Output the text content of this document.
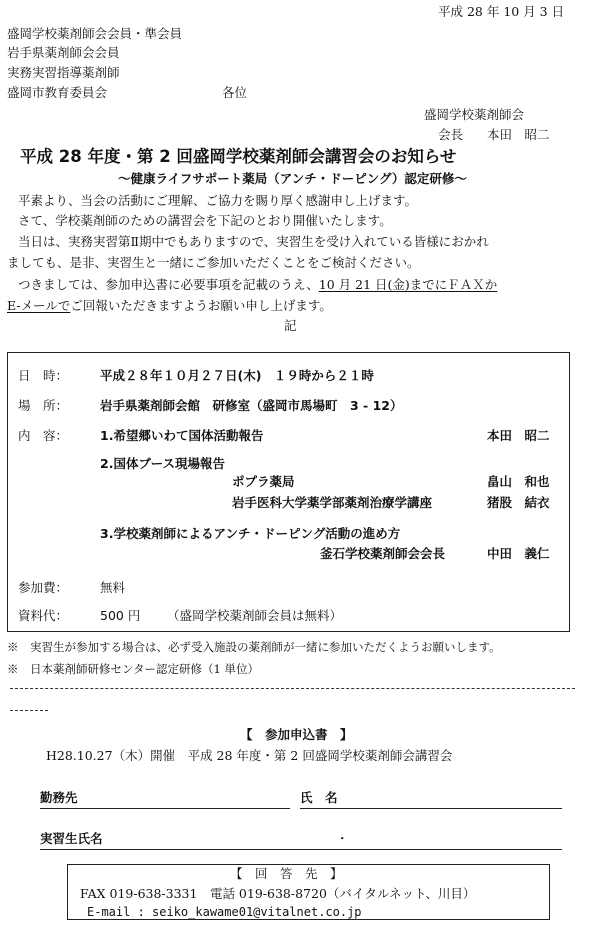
平成 28 年 10 月 3 日
盛岡学校薬剤師会会員・準会員
岩手県薬剤師会会員
実務実習指導薬剤師
盛岡市教育委員会	各位
盛岡学校薬剤師会
会長 本田　昭二
平成 28 年度・第 2 回盛岡学校薬剤師会講習会のお知らせ
～健康ライフサポート薬局（アンチ・ドーピング）認定研修～
平素より、当会の活動にご理解、ご協力を賜り厚く感謝申し上げます。
さて、学校薬剤師のための講習会を下記のとおり開催いたします。
当日は、実務実習第Ⅱ期中でもありますので、実習生を受け入れている皆様におかれ
ましても、是非、実習生と一緒にご参加いただくことをご検討ください。
つきましては、参加申込書に必要事項を記載のうえ、10 月 21 日(金)までにＦＡＸか
E-メールでご回報いただきますようお願い申し上げます。
記
日　時：	平成２８年１０月２７日(木)　１９時から２１時
場　所：	岩手県薬剤師会館　研修室（盛岡市馬場町　3 - 12）
内　容：	1.希望郷いわて国体活動報告	本田　昭二
2.国体ブース現場報告
ポプラ薬局	畠山　和也
岩手医科大学薬学部薬剤治療学講座	猪股　結衣
3.学校薬剤師によるアンチ・ドーピング活動の進め方
釜石学校薬剤師会会長	中田　義仁
参加費：	無料
資料代：	500 円 （盛岡学校薬剤師会員は無料）
※　実習生が参加する場合は、必ず受入施設の薬剤師が一緒に参加いただくようお願いします。
※　日本薬剤師研修センター認定研修（1 単位）
【　参加申込書　】
H28.10.27（木）開催　平成 28 年度・第 2 回盛岡学校薬剤師会講習会
勤務先	氏　名
実習生氏名	・
【　回　答　先　】
FAX 019-638-3331　電話 019-638-8720（バイタルネット、川目）
E-mail : seiko_kawame01@vitalnet.co.jp
